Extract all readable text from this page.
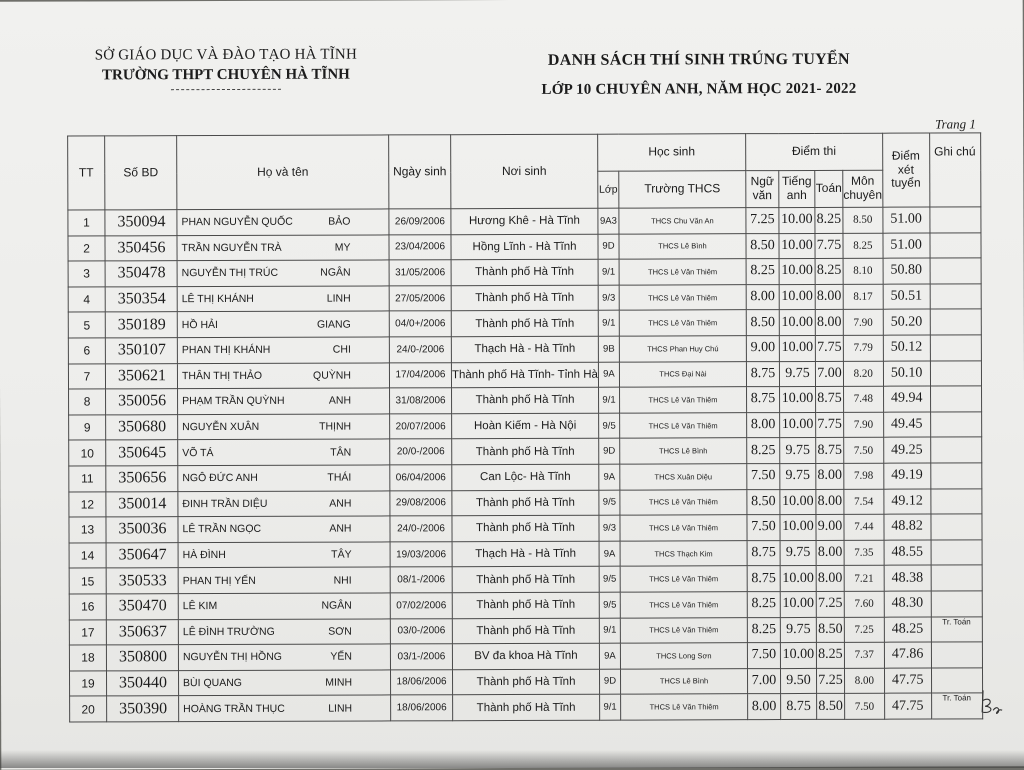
SỞ GIÁO DỤC VÀ ĐÀO TẠO HÀ TĨNH
TRƯỜNG THPT CHUYÊN HÀ TĨNH
DANH SÁCH THÍ SINH TRÚNG TUYỂN
LỚP 10 CHUYÊN ANH, NĂM HỌC 2021- 2022
Trang 1
TT	Số BD	Họ và tên	Ngày sinh	Nơi sinh	Học sinh		Điểm thi				Điểm xét tuyển	Ghi chú
					Lớp	Trường THCS	Ngữ văn	Tiếng anh	Toán	Môn chuyên		
1	350094	PHAN NGUYỄN QUỐC BẢO	26/09/2006	Hương Khê - Hà Tĩnh	9A3	THCS Chu Văn An	7.25	10.00	8.25	8.50	51.00	
2	350456	TRẦN NGUYỄN TRÀ MY	23/04/2006	Hồng Lĩnh - Hà Tĩnh	9D	THCS Lê Bình	8.50	10.00	7.75	8.25	51.00	
3	350478	NGUYỄN THỊ TRÚC NGÂN	31/05/2006	Thành phố Hà Tĩnh	9/1	THCS Lê Văn Thiêm	8.25	10.00	8.25	8.10	50.80	
4	350354	LÊ THỊ KHÁNH LINH	27/05/2006	Thành phố Hà Tĩnh	9/3	THCS Lê Văn Thiêm	8.00	10.00	8.00	8.17	50.51	
5	350189	HỒ HẢI GIANG	04/0+/2006	Thành phố Hà Tĩnh	9/1	THCS Lê Văn Thiêm	8.50	10.00	8.00	7.90	50.20	
6	350107	PHAN THỊ KHÁNH CHI	24/0-/2006	Thạch Hà - Hà Tĩnh	9B	THCS Phan Huy Chú	9.00	10.00	7.75	7.79	50.12	
7	350621	THÂN THỊ THẢO QUỲNH	17/04/2006	Thành phố Hà Tĩnh- Tỉnh Hà	9A	THCS Đại Nài	8.75	9.75	7.00	8.20	50.10	
8	350056	PHẠM TRẦN QUỲNH ANH	31/08/2006	Thành phố Hà Tĩnh	9/1	THCS Lê Văn Thiêm	8.75	10.00	8.75	7.48	49.94	
9	350680	NGUYỄN XUÂN THỊNH	20/07/2006	Hoàn Kiếm - Hà Nội	9/5	THCS Lê Văn Thiêm	8.00	10.00	7.75	7.90	49.45	
10	350645	VÕ TÁ TÂN	20/0-/2006	Thành phố Hà Tĩnh	9D	THCS Lê Bình	8.25	9.75	8.75	7.50	49.25	
11	350656	NGÔ ĐỨC ANH THÁI	06/04/2006	Can Lộc- Hà Tĩnh	9A	THCS Xuân Diệu	7.50	9.75	8.00	7.98	49.19	
12	350014	ĐINH TRẦN DIỆU ANH	29/08/2006	Thành phố Hà Tĩnh	9/5	THCS Lê Văn Thiêm	8.50	10.00	8.00	7.54	49.12	
13	350036	LÊ TRẦN NGỌC ANH	24/0-/2006	Thành phố Hà Tĩnh	9/3	THCS Lê Văn Thiêm	7.50	10.00	9.00	7.44	48.82	
14	350647	HÀ ĐÌNH TÂY	19/03/2006	Thạch Hà - Hà Tĩnh	9A	THCS Thạch Kim	8.75	9.75	8.00	7.35	48.55	
15	350533	PHAN THỊ YẾN NHI	08/1-/2006	Thành phố Hà Tĩnh	9/5	THCS Lê Văn Thiêm	8.75	10.00	8.00	7.21	48.38	
16	350470	LÊ KIM NGÂN	07/02/2006	Thành phố Hà Tĩnh	9/5	THCS Lê Văn Thiêm	8.25	10.00	7.25	7.60	48.30	
17	350637	LÊ ĐÌNH TRƯỜNG SƠN	03/0-/2006	Thành phố Hà Tĩnh	9/1	THCS Lê Văn Thiêm	8.25	9.75	8.50	7.25	48.25	Tr. Toán
18	350800	NGUYỄN THỊ HỒNG YẾN	03/1-/2006	BV đa khoa Hà Tĩnh	9A	THCS Long Sơn	7.50	10.00	8.25	7.37	47.86	
19	350440	BÙI QUANG MINH	18/06/2006	Thành phố Hà Tĩnh	9D	THCS Lê Bình	7.00	9.50	7.25	8.00	47.75	
20	350390	HOÀNG TRẦN THỤC LINH	18/06/2006	Thành phố Hà Tĩnh	9/1	THCS Lê Văn Thiêm	8.00	8.75	8.50	7.50	47.75	Tr. Toán
